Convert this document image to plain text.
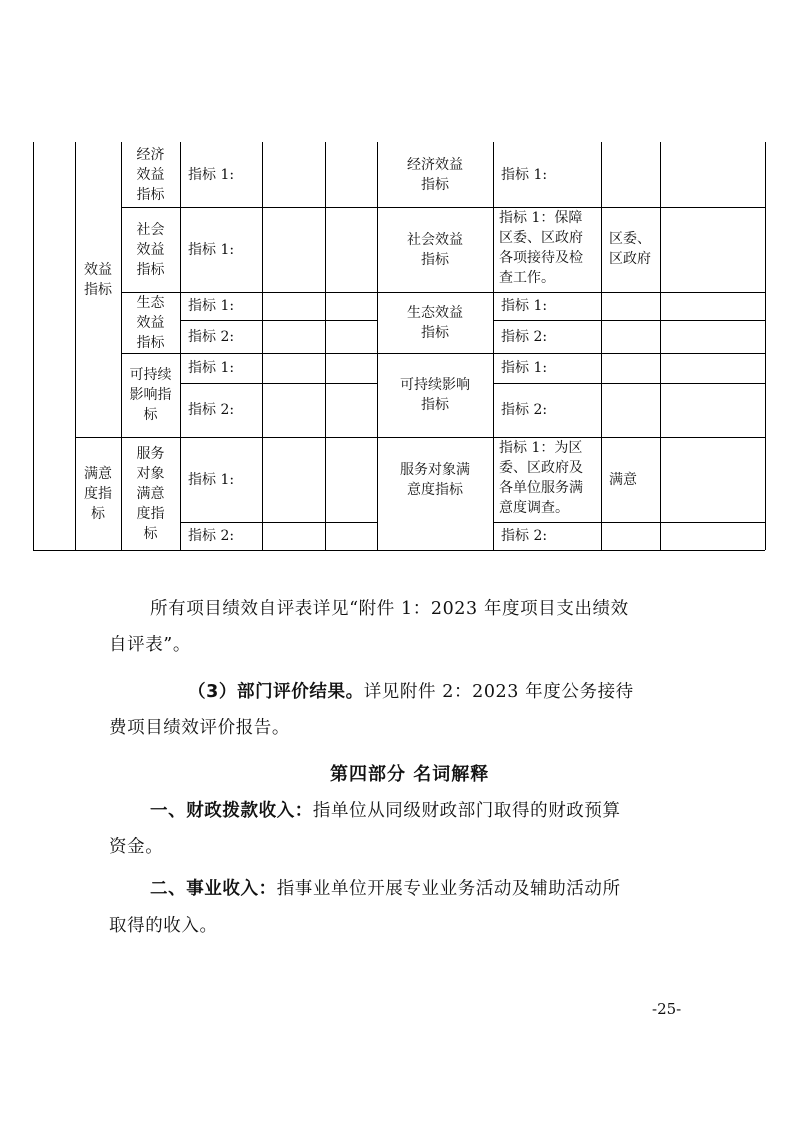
效益指标
满意度指标
经济效益指标
指标 1:
经济效益指标
指标 1:
社会效益指标
指标 1:
社会效益指标
指标 1：保障区委、区政府各项接待及检查工作。
区委、区政府
生态效益指标
指标 1:
指标 2:
生态效益指标
指标 1:
指标 2:
可持续影响指标
指标 1:
指标 2:
可持续影响指标
指标 1:
指标 2:
服务对象满意度指标
指标 1:
指标 2:
服务对象满意度指标
指标 1：为区委、区政府及各单位服务满意度调查。
指标 2:
满意
所有项目绩效自评表详见“附件 1：2023 年度项目支出绩效
自评表”。
（3）部门评价结果。详见附件 2：2023 年度公务接待
费项目绩效评价报告。
第四部分 名词解释
一、财政拨款收入：指单位从同级财政部门取得的财政预算
资金。
二、事业收入：指事业单位开展专业业务活动及辅助活动所
取得的收入。
-25-
